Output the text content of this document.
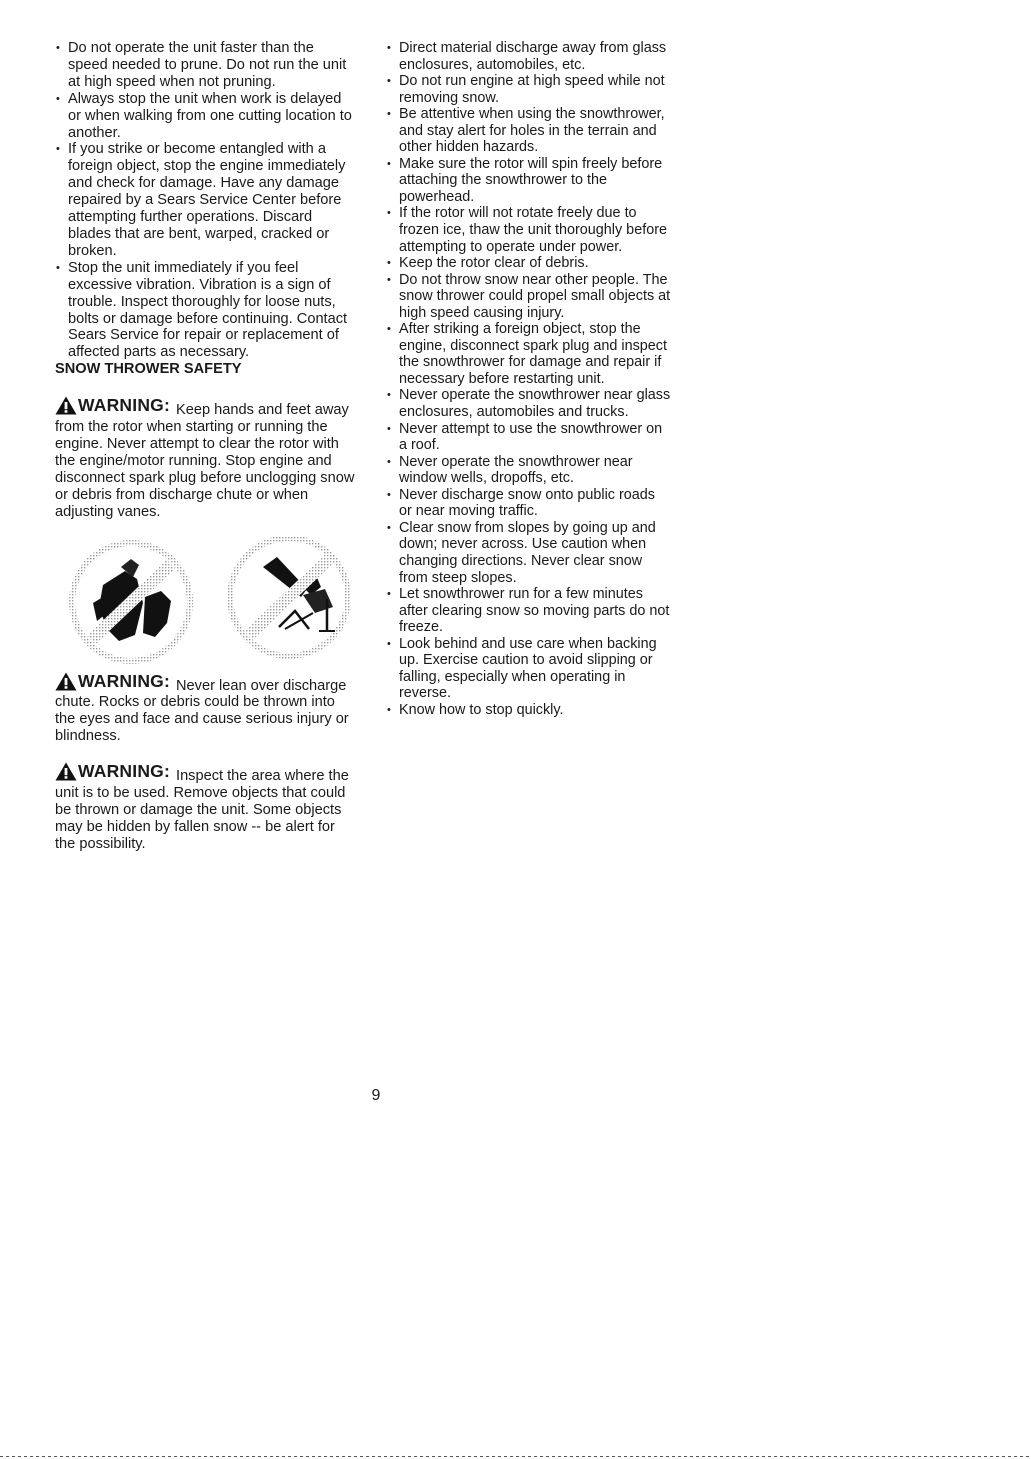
• Do not operate the unit faster than the speed needed to prune. Do not run the unit at high speed when not pruning.
• Always stop the unit when work is delayed or when walking from one cutting location to another.
• If you strike or become entangled with a foreign object, stop the engine immediately and check for damage. Have any damage repaired by a Sears Service Center before attempting further operations. Discard blades that are bent, warped, cracked or broken.
• Stop the unit immediately if you feel excessive vibration. Vibration is a sign of trouble. Inspect thoroughly for loose nuts, bolts or damage before continuing. Contact Sears Service for repair or replacement of affected parts as necessary.
SNOW THROWER SAFETY

WARNING: Keep hands and feet away from the rotor when starting or running the engine. Never attempt to clear the rotor with the engine/motor running. Stop engine and disconnect spark plug before unclogging snow or debris from discharge chute or when adjusting vanes.

WARNING: Never lean over discharge chute. Rocks or debris could be thrown into the eyes and face and cause serious injury or blindness.

WARNING: Inspect the area where the unit is to be used. Remove objects that could be thrown or damage the unit. Some objects may be hidden by fallen snow -- be alert for the possibility.

• Direct material discharge away from glass enclosures, automobiles, etc.
• Do not run engine at high speed while not removing snow.
• Be attentive when using the snowthrower, and stay alert for holes in the terrain and other hidden hazards.
• Make sure the rotor will spin freely before attaching the snowthrower to the powerhead.
• If the rotor will not rotate freely due to frozen ice, thaw the unit thoroughly before attempting to operate under power.
• Keep the rotor clear of debris.
• Do not throw snow near other people. The snow thrower could propel small objects at high speed causing injury.
• After striking a foreign object, stop the engine, disconnect spark plug and inspect the snowthrower for damage and repair if necessary before restarting unit.
• Never operate the snowthrower near glass enclosures, automobiles and trucks.
• Never attempt to use the snowthrower on a roof.
• Never operate the snowthrower near window wells, dropoffs, etc.
• Never discharge snow onto public roads or near moving traffic.
• Clear snow from slopes by going up and down; never across. Use caution when changing directions. Never clear snow from steep slopes.
• Let snowthrower run for a few minutes after clearing snow so moving parts do not freeze.
• Look behind and use care when backing up. Exercise caution to avoid slipping or falling, especially when operating in reverse.
• Know how to stop quickly.
9
